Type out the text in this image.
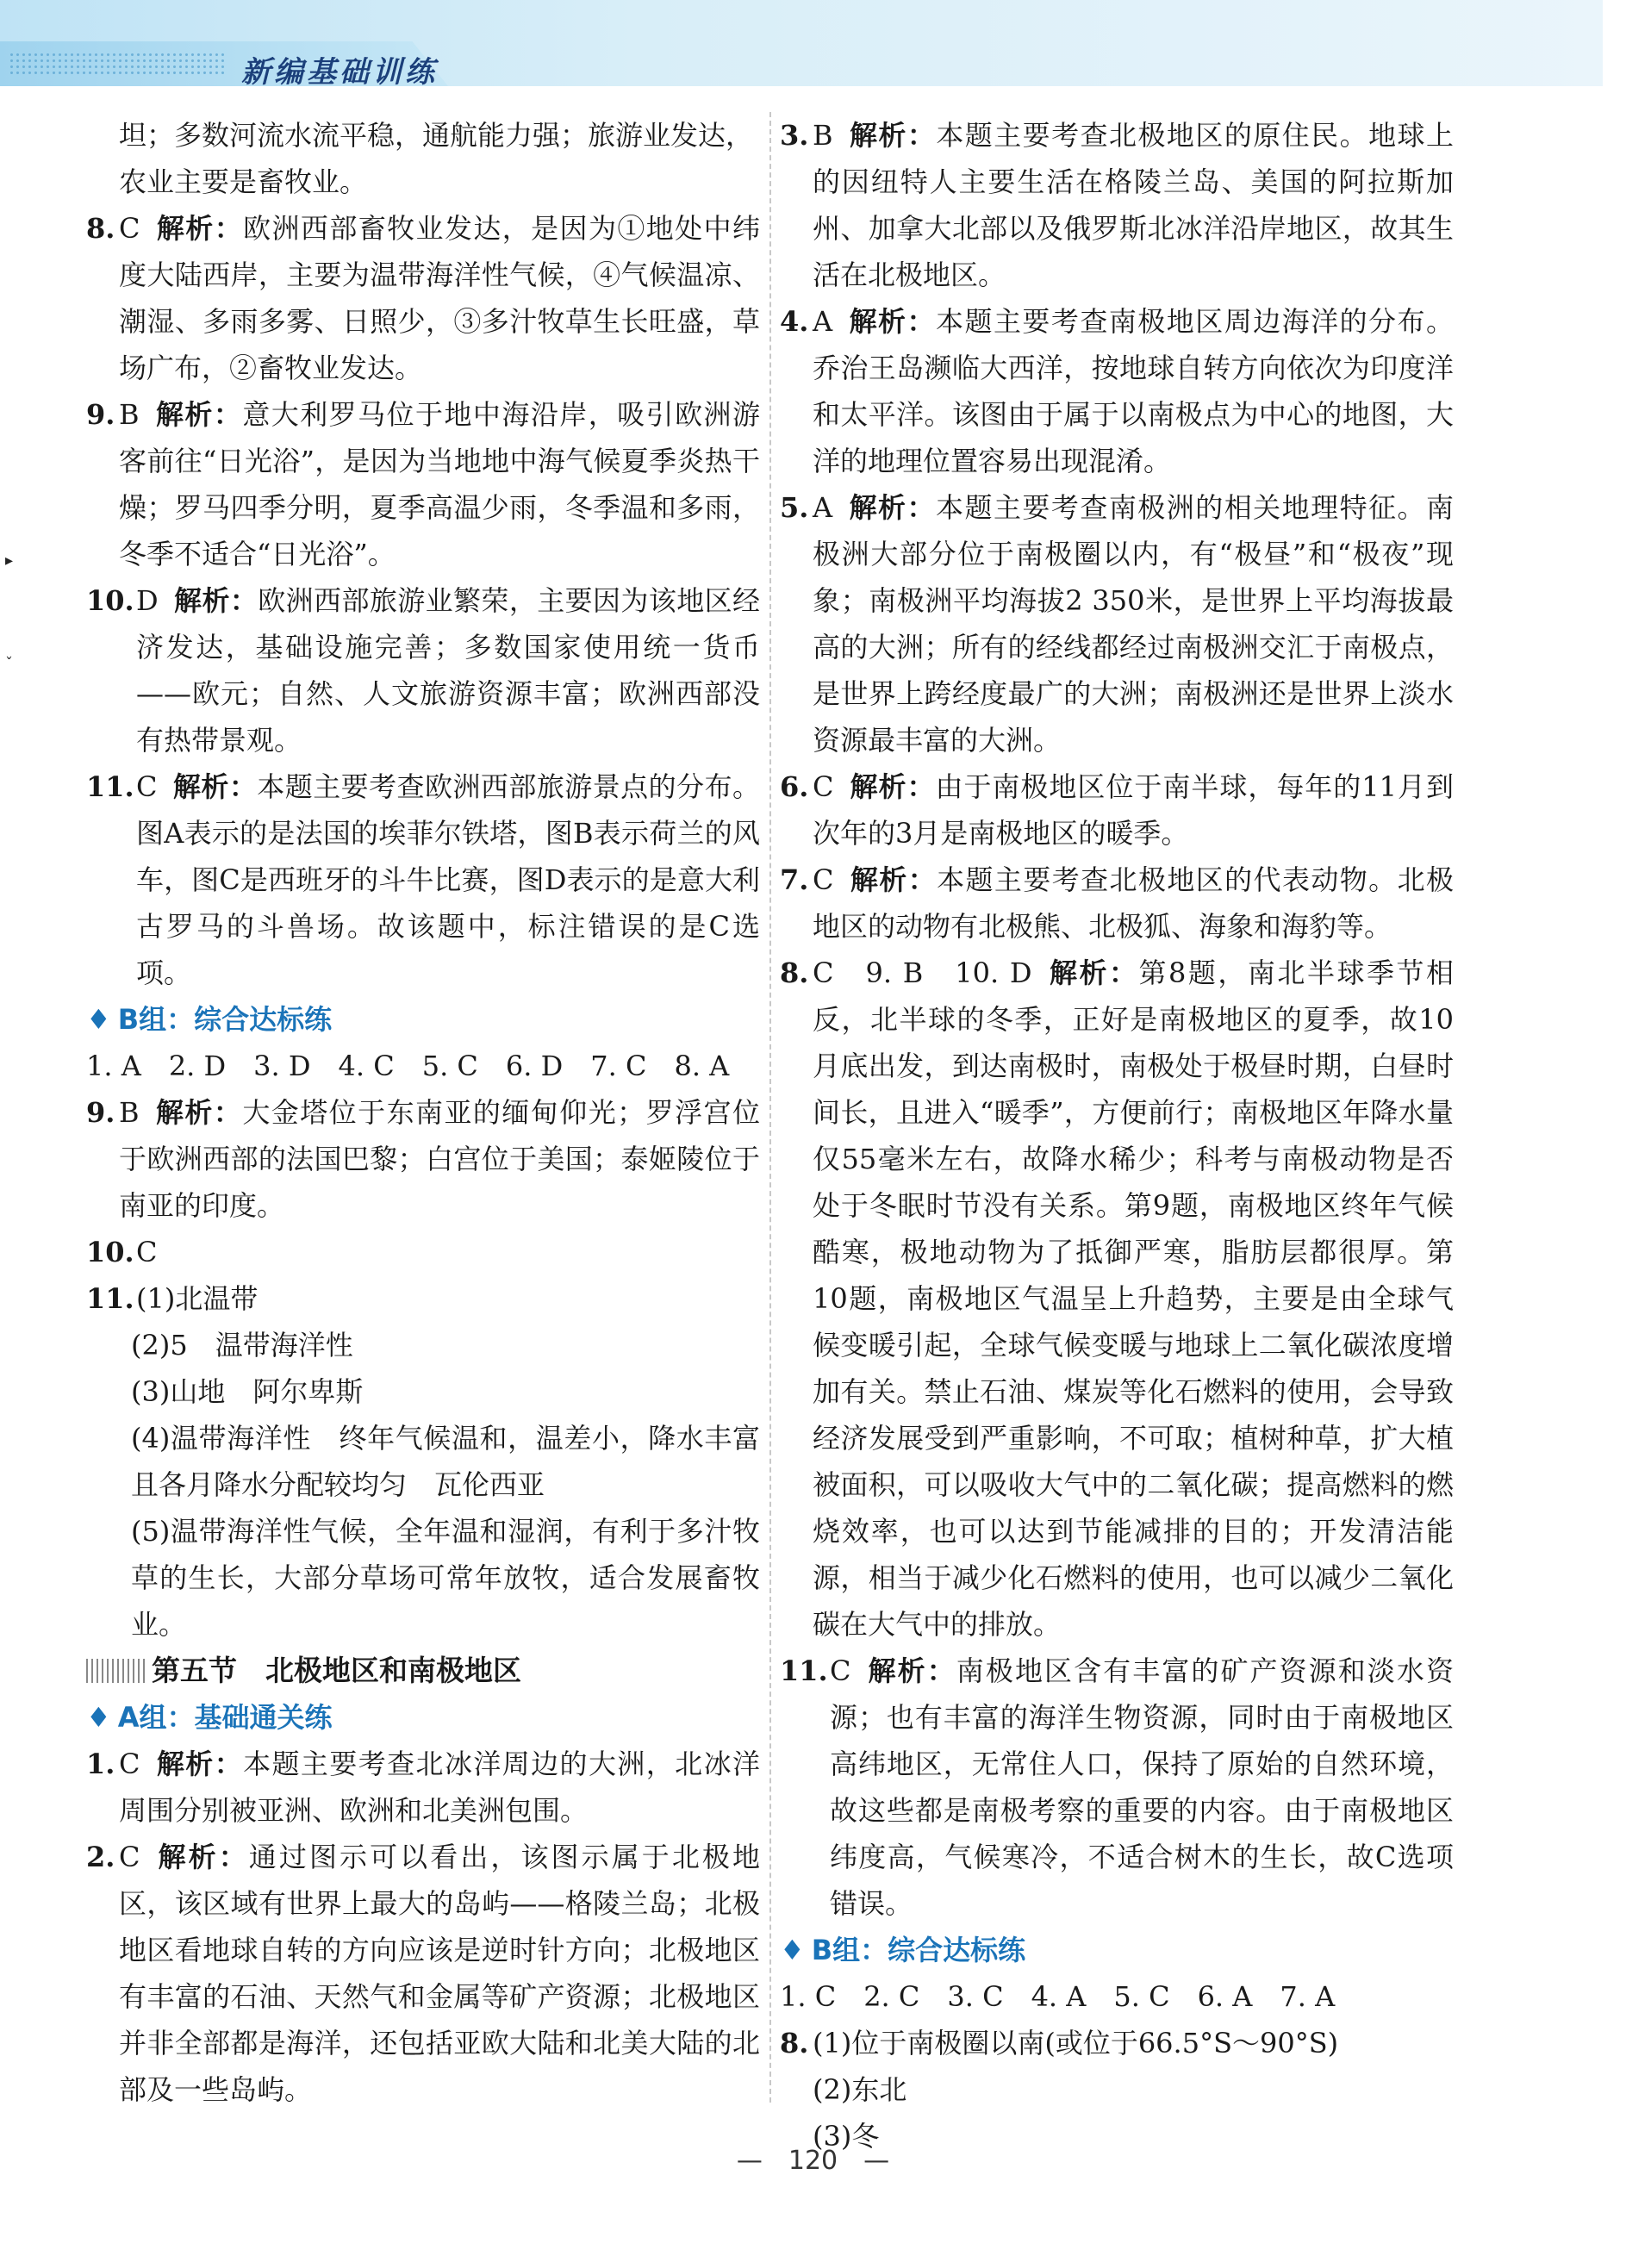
新编基础训练
▸
ˇ
坦；多数河流水流平稳，通航能力强；旅游业发达，农业主要是畜牧业。
8. C 解析：欧洲西部畜牧业发达，是因为①地处中纬度大陆西岸，主要为温带海洋性气候，④气候温凉、潮湿、多雨多雾、日照少，③多汁牧草生长旺盛，草场广布，②畜牧业发达。
9. B 解析：意大利罗马位于地中海沿岸，吸引欧洲游客前往“日光浴”，是因为当地地中海气候夏季炎热干燥；罗马四季分明，夏季高温少雨，冬季温和多雨，冬季不适合“日光浴”。
10. D 解析：欧洲西部旅游业繁荣，主要因为该地区经济发达，基础设施完善；多数国家使用统一货币——欧元；自然、人文旅游资源丰富；欧洲西部没有热带景观。
11. C 解析：本题主要考查欧洲西部旅游景点的分布。图A表示的是法国的埃菲尔铁塔，图B表示荷兰的风车，图C是西班牙的斗牛比赛，图D表示的是意大利古罗马的斗兽场。故该题中，标注错误的是C选项。
♦ B组：综合达标练
1. A　2. D　3. D　4. C　5. C　6. D　7. C　8. A
9. B 解析：大金塔位于东南亚的缅甸仰光；罗浮宫位于欧洲西部的法国巴黎；白宫位于美国；泰姬陵位于南亚的印度。
10. C
11. (1)北温带
(2)5　温带海洋性
(3)山地　阿尔卑斯
(4)温带海洋性　终年气候温和，温差小，降水丰富且各月降水分配较均匀　瓦伦西亚
(5)温带海洋性气候，全年温和湿润，有利于多汁牧草的生长，大部分草场可常年放牧，适合发展畜牧业。
第五节　北极地区和南极地区
♦ A组：基础通关练
1. C 解析：本题主要考查北冰洋周边的大洲，北冰洋周围分别被亚洲、欧洲和北美洲包围。
2. C 解析：通过图示可以看出，该图示属于北极地区，该区域有世界上最大的岛屿——格陵兰岛；北极地区看地球自转的方向应该是逆时针方向；北极地区有丰富的石油、天然气和金属等矿产资源；北极地区并非全部都是海洋，还包括亚欧大陆和北美大陆的北部及一些岛屿。
3. B 解析：本题主要考查北极地区的原住民。地球上的因纽特人主要生活在格陵兰岛、美国的阿拉斯加州、加拿大北部以及俄罗斯北冰洋沿岸地区，故其生活在北极地区。
4. A 解析：本题主要考查南极地区周边海洋的分布。乔治王岛濒临大西洋，按地球自转方向依次为印度洋和太平洋。该图由于属于以南极点为中心的地图，大洋的地理位置容易出现混淆。
5. A 解析：本题主要考查南极洲的相关地理特征。南极洲大部分位于南极圈以内，有“极昼”和“极夜”现象；南极洲平均海拔2 350米，是世界上平均海拔最高的大洲；所有的经线都经过南极洲交汇于南极点，是世界上跨经度最广的大洲；南极洲还是世界上淡水资源最丰富的大洲。
6. C 解析：由于南极地区位于南半球，每年的11月到次年的3月是南极地区的暖季。
7. C 解析：本题主要考查北极地区的代表动物。北极地区的动物有北极熊、北极狐、海象和海豹等。
8. C　9. B　10. D 解析：第8题，南北半球季节相反，北半球的冬季，正好是南极地区的夏季，故10月底出发，到达南极时，南极处于极昼时期，白昼时间长，且进入“暖季”，方便前行；南极地区年降水量仅55毫米左右，故降水稀少；科考与南极动物是否处于冬眠时节没有关系。第9题，南极地区终年气候酷寒，极地动物为了抵御严寒，脂肪层都很厚。第10题，南极地区气温呈上升趋势，主要是由全球气候变暖引起，全球气候变暖与地球上二氧化碳浓度增加有关。禁止石油、煤炭等化石燃料的使用，会导致经济发展受到严重影响，不可取；植树种草，扩大植被面积，可以吸收大气中的二氧化碳；提高燃料的燃烧效率，也可以达到节能减排的目的；开发清洁能源，相当于减少化石燃料的使用，也可以减少二氧化碳在大气中的排放。
11. C 解析：南极地区含有丰富的矿产资源和淡水资源；也有丰富的海洋生物资源，同时由于南极地区高纬地区，无常住人口，保持了原始的自然环境，故这些都是南极考察的重要的内容。由于南极地区纬度高，气候寒冷，不适合树木的生长，故C选项错误。
♦ B组：综合达标练
1. C　2. C　3. C　4. A　5. C　6. A　7. A
8. (1)位于南极圈以南(或位于66.5°S～90°S)
(2)东北
(3)冬
—　120　—
